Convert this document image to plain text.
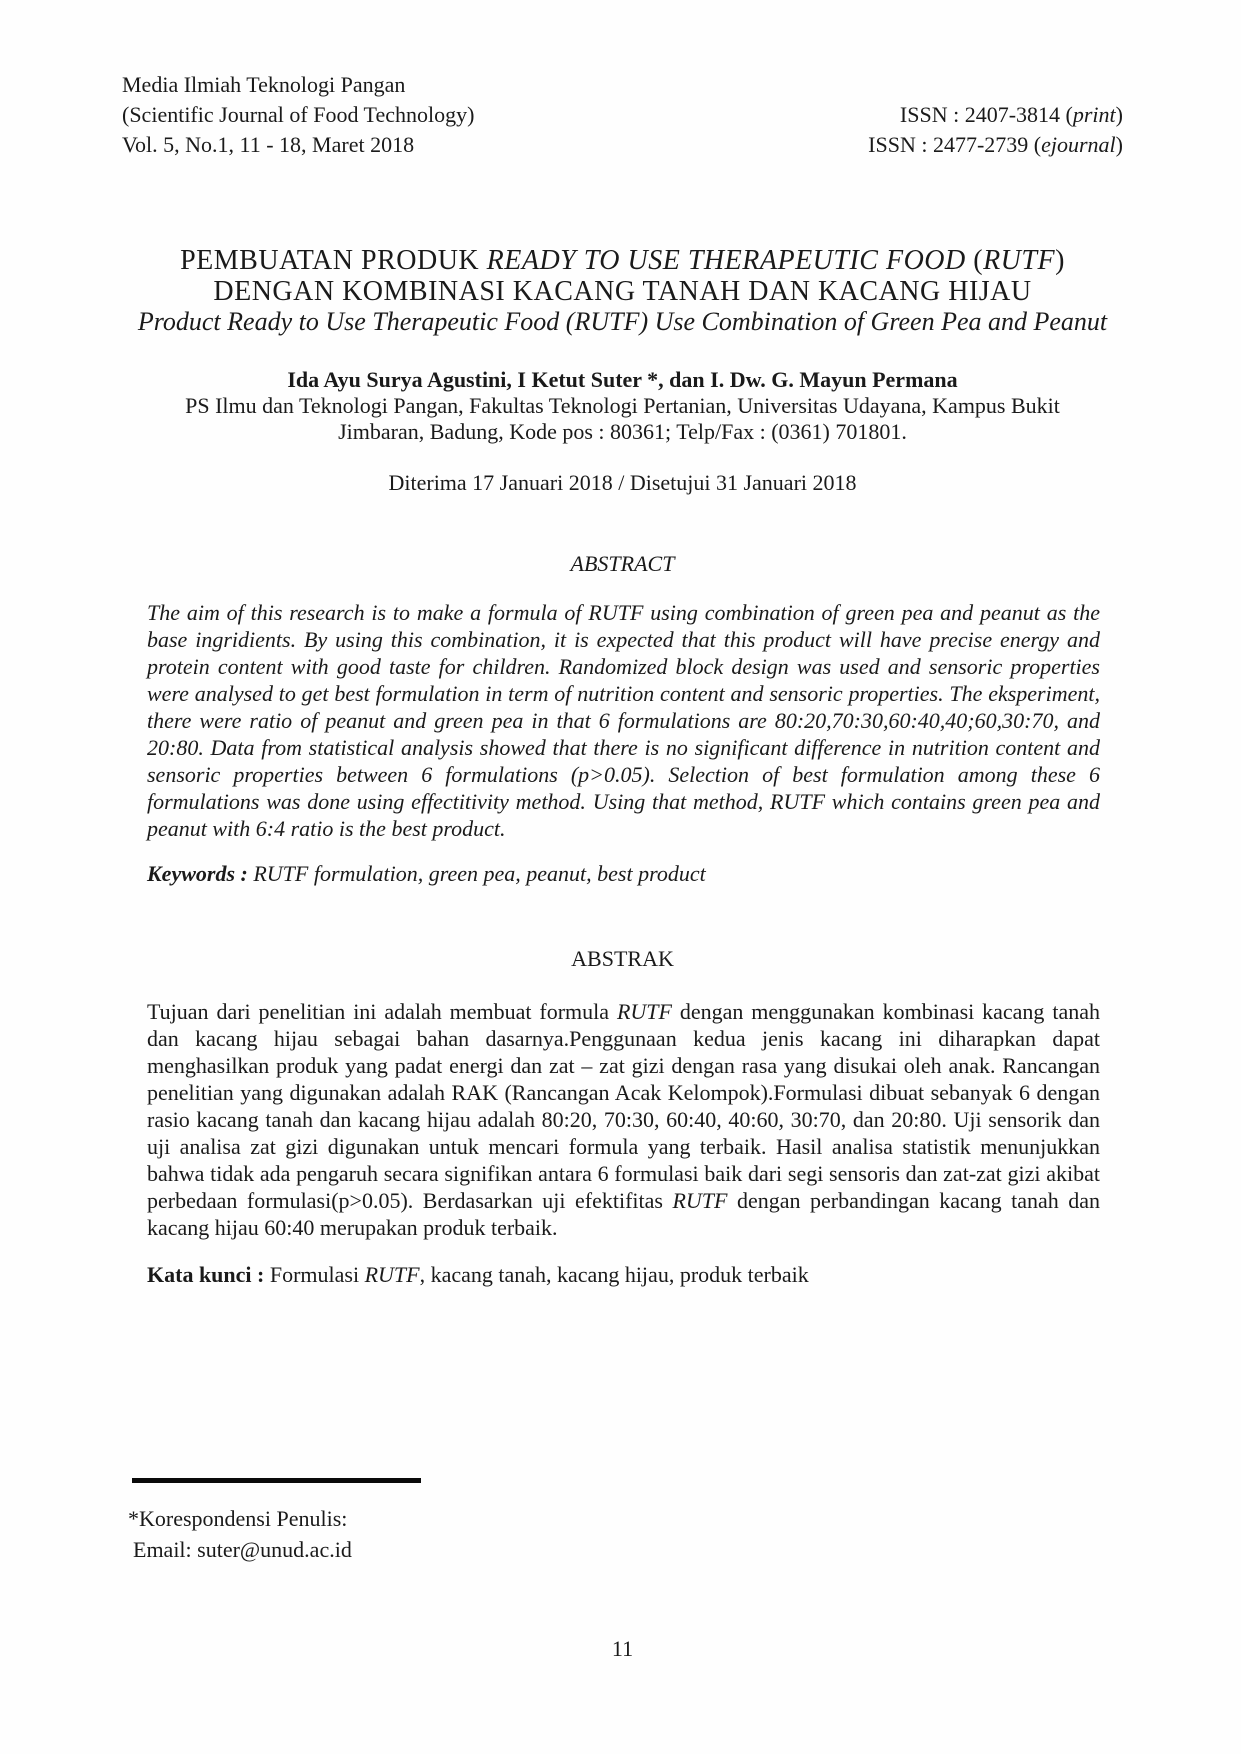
Media Ilmiah Teknologi Pangan
(Scientific Journal of Food Technology)
Vol. 5, No.1, 11 - 18, Maret 2018
ISSN : 2407-3814 (print)
ISSN : 2477-2739 (ejournal)
PEMBUATAN PRODUK READY TO USE THERAPEUTIC FOOD (RUTF)
DENGAN KOMBINASI KACANG TANAH DAN KACANG HIJAU
Product Ready to Use Therapeutic Food (RUTF) Use Combination of Green Pea and Peanut
Ida Ayu Surya Agustini, I Ketut Suter *, dan I. Dw. G. Mayun Permana
PS Ilmu dan Teknologi Pangan, Fakultas Teknologi Pertanian, Universitas Udayana, Kampus Bukit
Jimbaran, Badung, Kode pos : 80361; Telp/Fax : (0361) 701801.
Diterima 17 Januari 2018 / Disetujui 31 Januari 2018
ABSTRACT
The aim of this research is to make a formula of RUTF using combination of green pea and peanut as the base ingridients. By using this combination, it is expected that this product will have precise energy and protein content with good taste for children. Randomized block design was used and sensoric properties were analysed to get best formulation in term of nutrition content and sensoric properties. The eksperiment, there were ratio of peanut and green pea in that 6 formulations are 80:20,70:30,60:40,40;60,30:70, and 20:80. Data from statistical analysis showed that there is no significant difference in nutrition content and sensoric properties between 6 formulations (p>0.05). Selection of best formulation among these 6 formulations was done using effectitivity method. Using that method, RUTF which contains green pea and peanut with 6:4 ratio is the best product.
Keywords : RUTF formulation, green pea, peanut, best product
ABSTRAK
Tujuan dari penelitian ini adalah membuat formula RUTF dengan menggunakan kombinasi kacang tanah dan kacang hijau sebagai bahan dasarnya.Penggunaan kedua jenis kacang ini diharapkan dapat menghasilkan produk yang padat energi dan zat – zat gizi dengan rasa yang disukai oleh anak. Rancangan penelitian yang digunakan adalah RAK (Rancangan Acak Kelompok).Formulasi dibuat sebanyak 6 dengan rasio kacang tanah dan kacang hijau adalah 80:20, 70:30, 60:40, 40:60, 30:70, dan 20:80. Uji sensorik dan uji analisa zat gizi digunakan untuk mencari formula yang terbaik. Hasil analisa statistik menunjukkan bahwa tidak ada pengaruh secara signifikan antara 6 formulasi baik dari segi sensoris dan zat-zat gizi akibat perbedaan formulasi(p>0.05). Berdasarkan uji efektifitas RUTF dengan perbandingan kacang tanah dan kacang hijau 60:40 merupakan produk terbaik.
Kata kunci : Formulasi RUTF, kacang tanah, kacang hijau, produk terbaik
*Korespondensi Penulis:
Email: suter@unud.ac.id
11
